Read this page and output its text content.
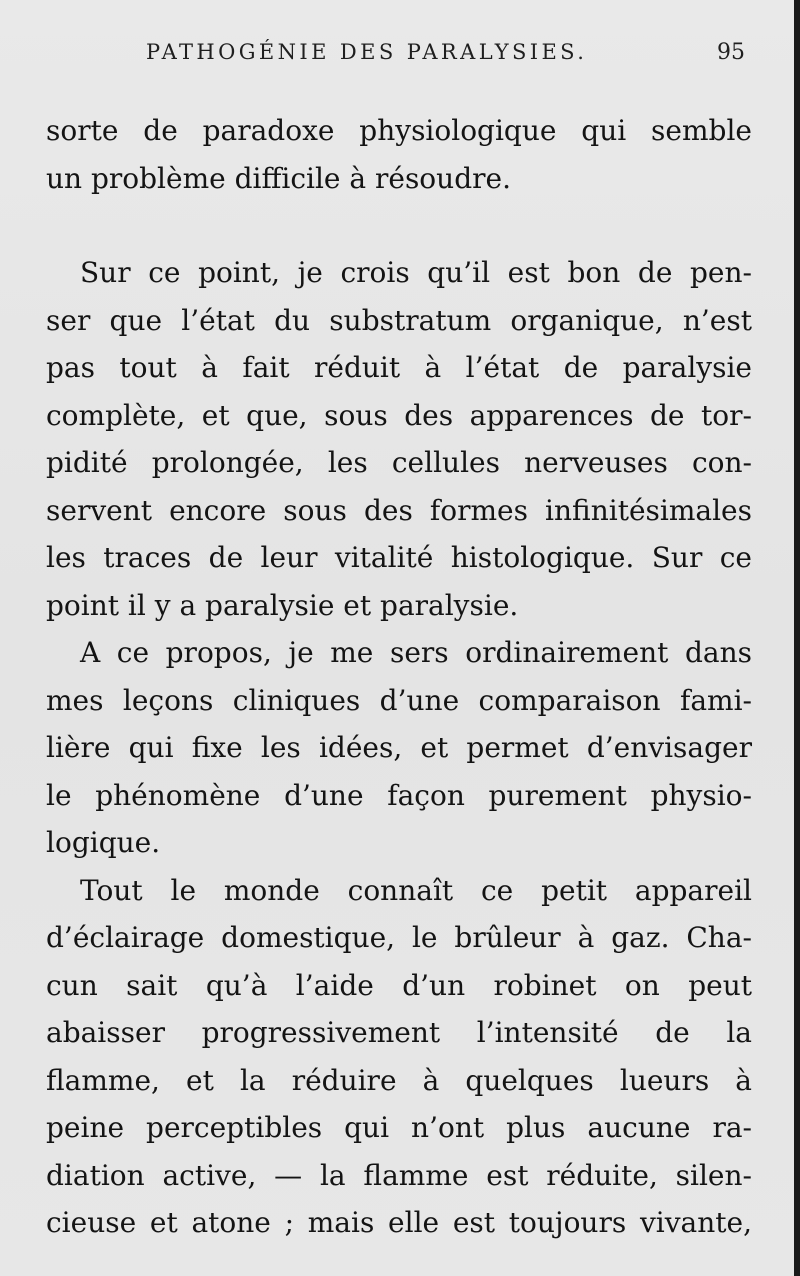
PATHOGÉNIE DES PARALYSIES.	95
sorte de paradoxe physiologique qui semble
un problème difficile à résoudre.
Sur ce point, je crois qu’il est bon de pen-
ser que l’état du substratum organique, n’est
pas tout à fait réduit à l’état de paralysie
complète, et que, sous des apparences de tor-
pidité prolongée, les cellules nerveuses con-
servent encore sous des formes infinitésimales
les traces de leur vitalité histologique. Sur ce
point il y a paralysie et paralysie.
A ce propos, je me sers ordinairement dans
mes leçons cliniques d’une comparaison fami-
lière qui fixe les idées, et permet d’envisager
le phénomène d’une façon purement physio-
logique.
Tout le monde connaît ce petit appareil
d’éclairage domestique, le brûleur à gaz. Cha-
cun sait qu’à l’aide d’un robinet on peut
abaisser progressivement l’intensité de la
flamme, et la réduire à quelques lueurs à
peine perceptibles qui n’ont plus aucune ra-
diation active, — la flamme est réduite, silen-
cieuse et atone ; mais elle est toujours vivante,
